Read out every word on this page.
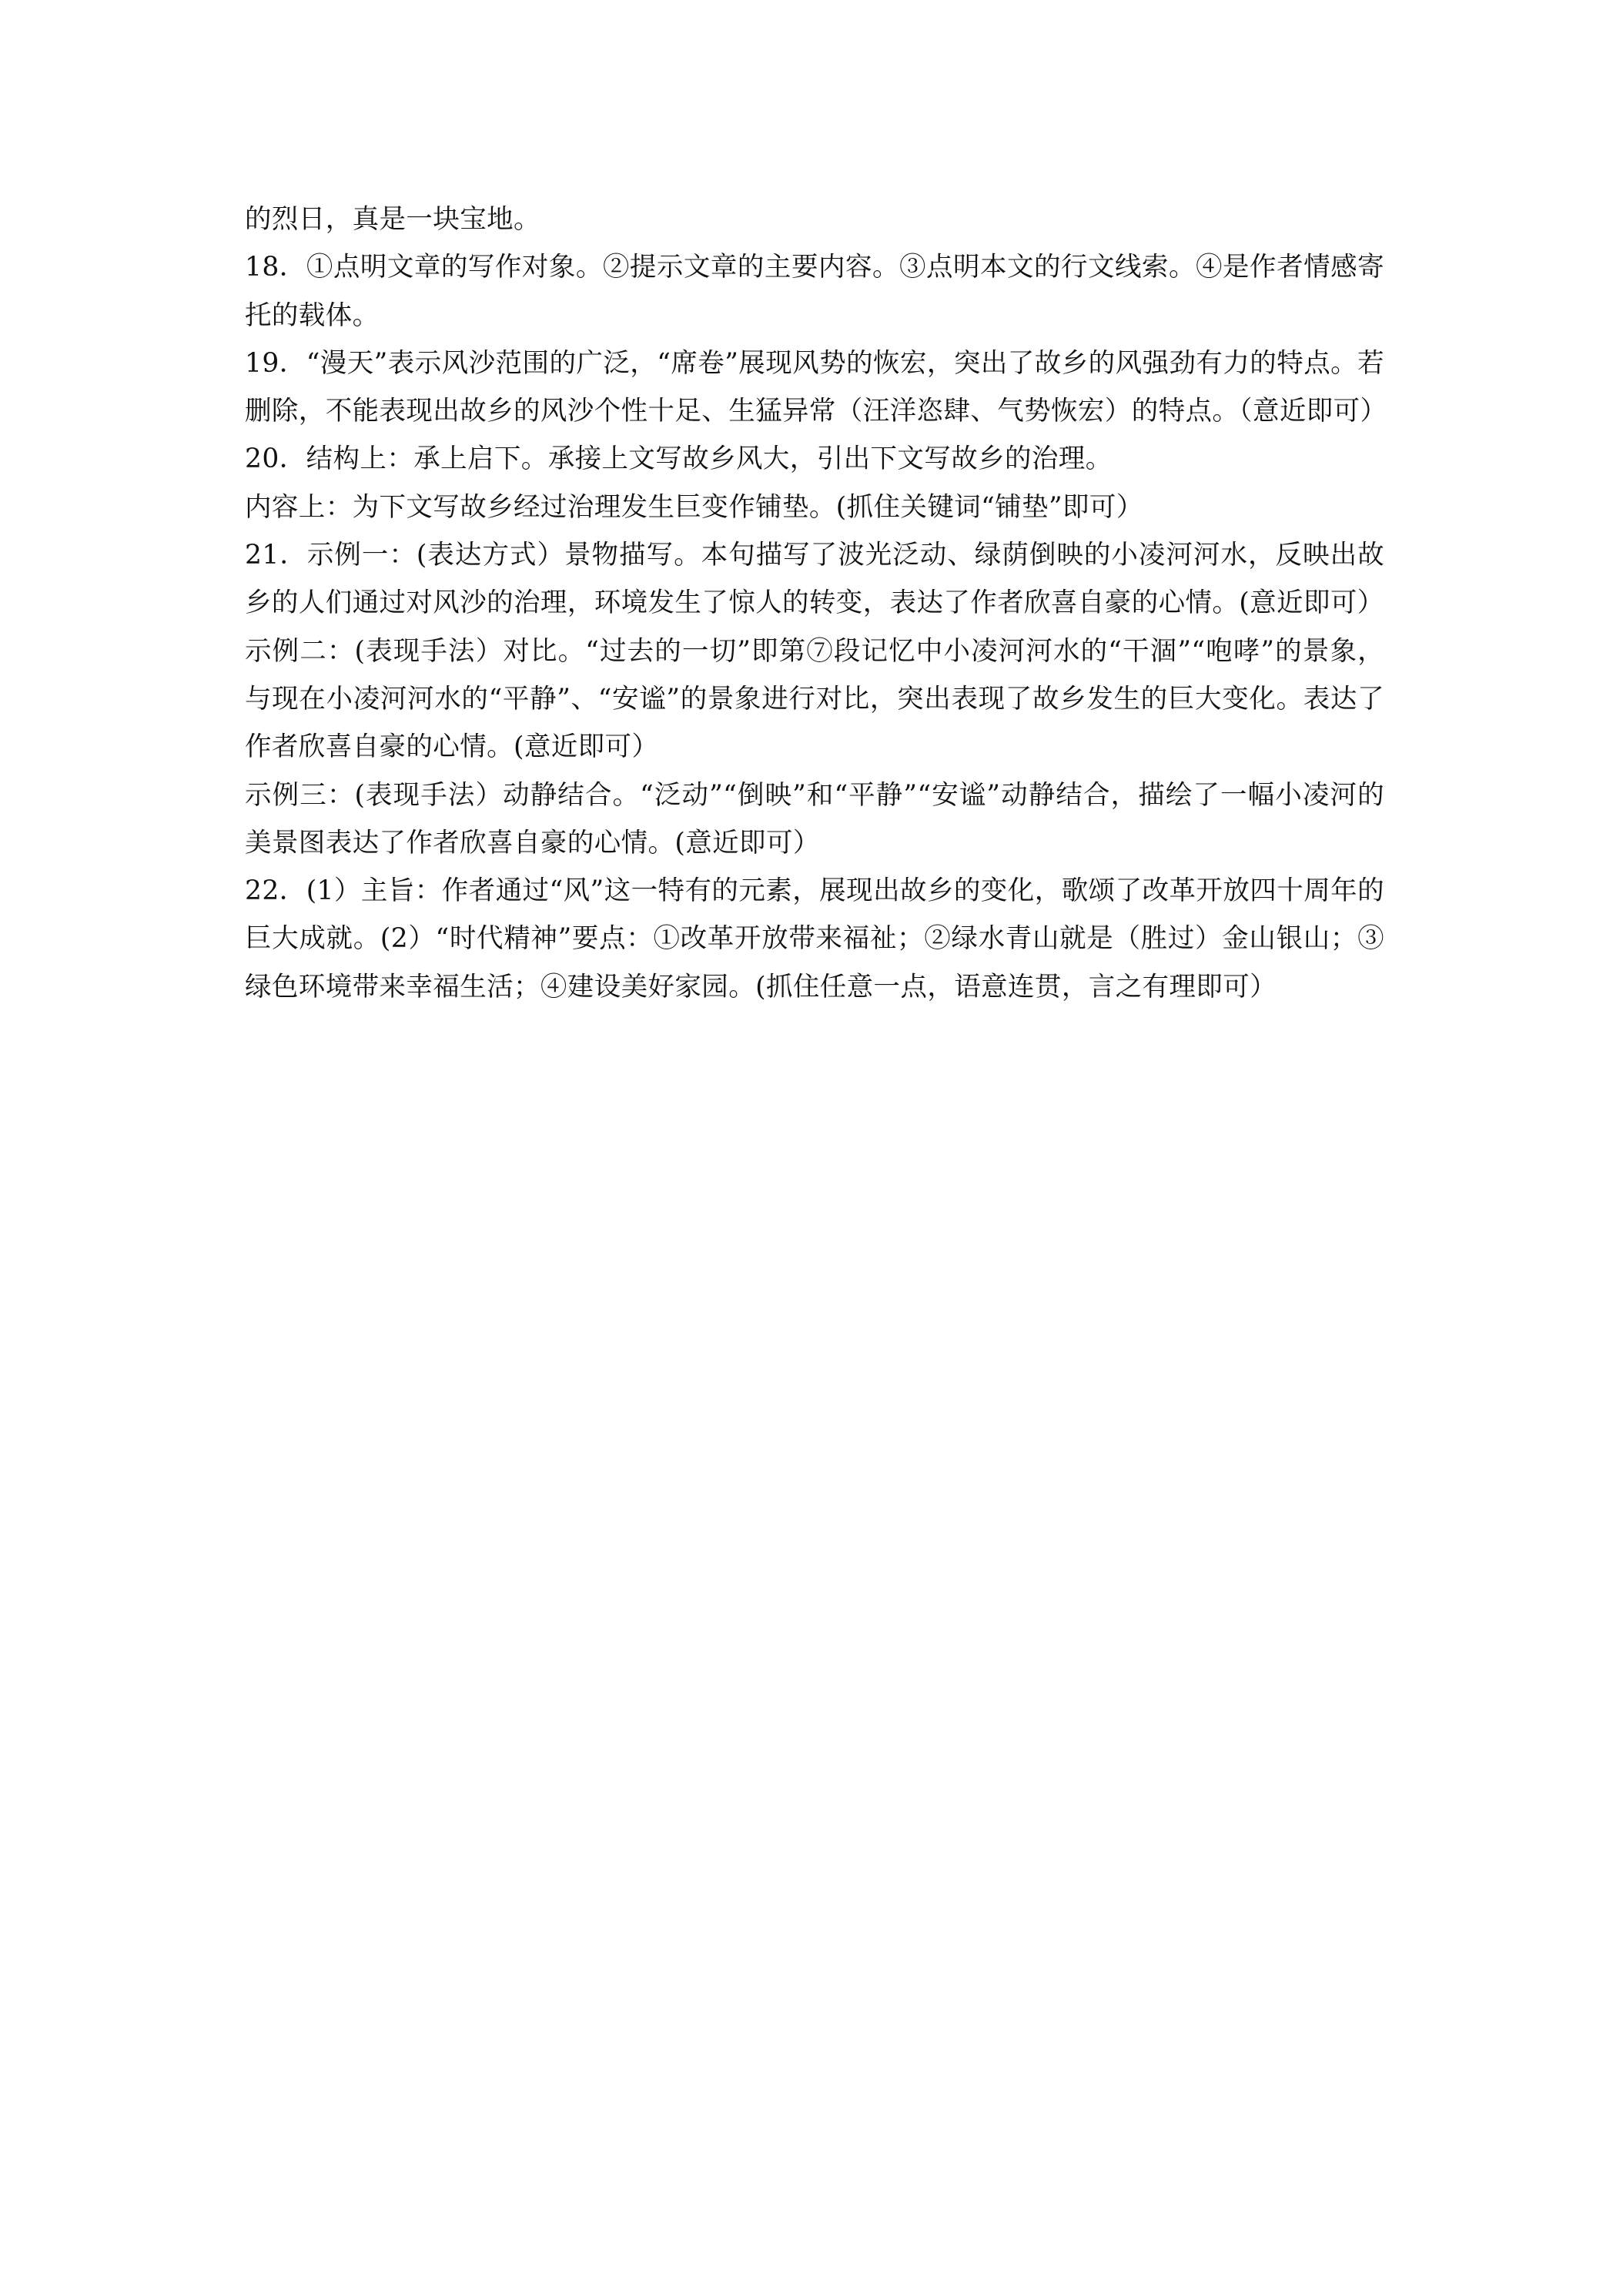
的烈日，真是一块宝地。

18．①点明文章的写作对象。②提示文章的主要内容。③点明本文的行文线索。④是作者情感寄托的载体。

19．“漫天”表示风沙范围的广泛，“席卷”展现风势的恢宏，突出了故乡的风强劲有力的特点。若删除，不能表现出故乡的风沙个性十足、生猛异常（汪洋恣肆、气势恢宏）的特点。（意近即可）

20．结构上：承上启下。承接上文写故乡风大，引出下文写故乡的治理。

内容上：为下文写故乡经过治理发生巨变作铺垫。(抓住关键词“铺垫”即可）

21．示例一：(表达方式）景物描写。本句描写了波光泛动、绿荫倒映的小凌河河水，反映出故乡的人们通过对风沙的治理，环境发生了惊人的转变，表达了作者欣喜自豪的心情。(意近即可）

示例二：(表现手法）对比。“过去的一切”即第⑦段记忆中小凌河河水的“干涸”“咆哮”的景象，与现在小凌河河水的“平静”、“安谧”的景象进行对比，突出表现了故乡发生的巨大变化。表达了作者欣喜自豪的心情。(意近即可）

示例三：(表现手法）动静结合。“泛动”“倒映”和“平静”“安谧”动静结合，描绘了一幅小凌河的美景图表达了作者欣喜自豪的心情。(意近即可）

22．(1）主旨：作者通过“风”这一特有的元素，展现出故乡的变化，歌颂了改革开放四十周年的巨大成就。(2）“时代精神”要点：①改革开放带来福祉；②绿水青山就是（胜过）金山银山；③绿色环境带来幸福生活；④建设美好家园。(抓住任意一点，语意连贯，言之有理即可）
